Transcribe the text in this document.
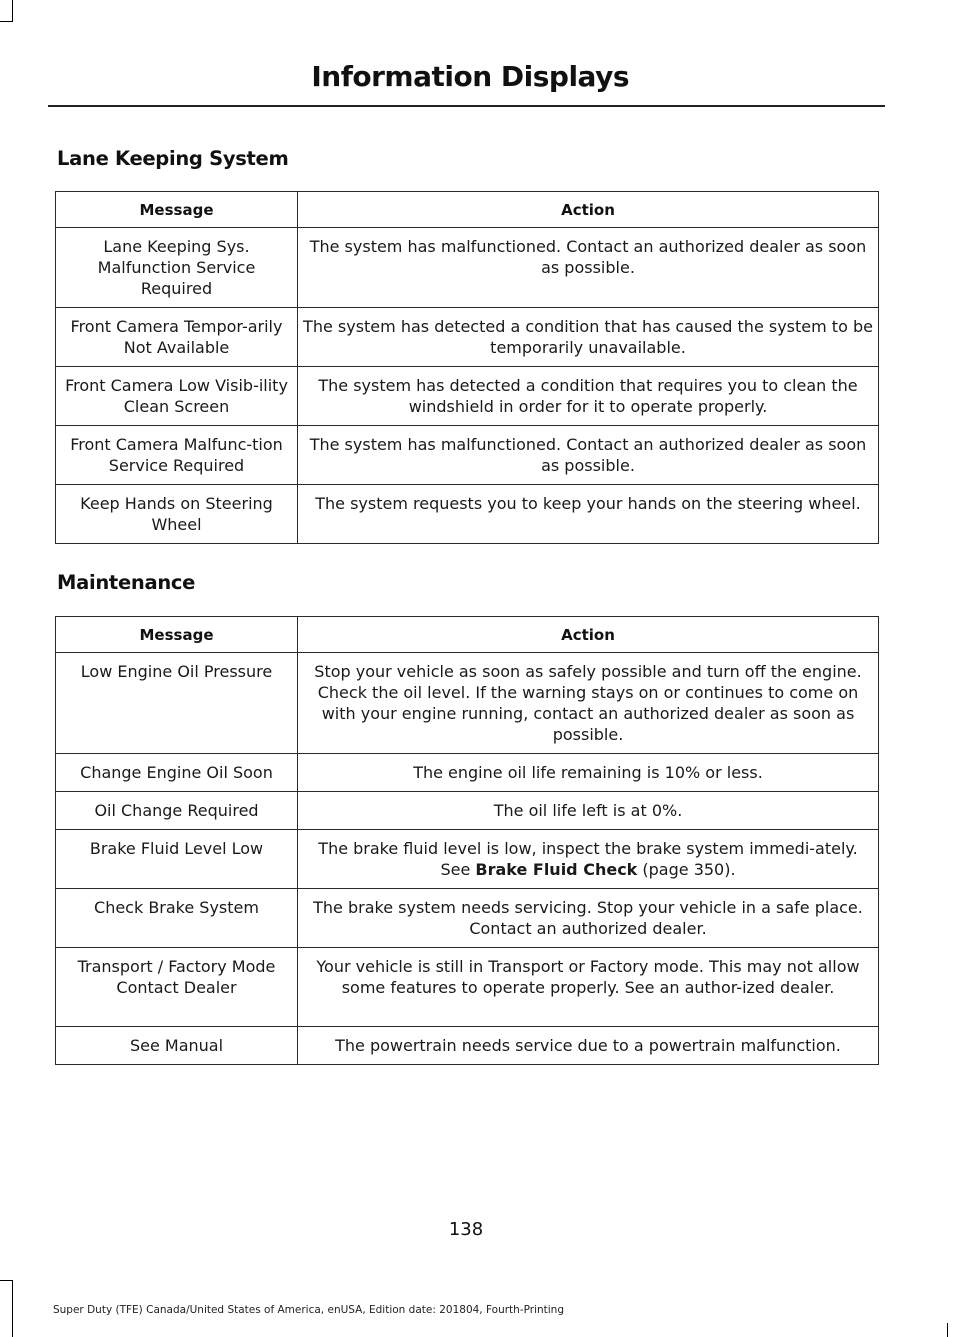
Information Displays
Lane Keeping System
Message	Action
Lane Keeping Sys. Malfunction Service Required	The system has malfunctioned. Contact an authorized dealer as soon as possible.
Front Camera Tempor-arily Not Available	The system has detected a condition that has caused the system to be temporarily unavailable.
Front Camera Low Visib-ility Clean Screen	The system has detected a condition that requires you to clean the windshield in order for it to operate properly.
Front Camera Malfunc-tion Service Required	The system has malfunctioned. Contact an authorized dealer as soon as possible.
Keep Hands on Steering Wheel	The system requests you to keep your hands on the steering wheel.
Maintenance
Message	Action
Low Engine Oil Pressure	Stop your vehicle as soon as safely possible and turn off the engine. Check the oil level. If the warning stays on or continues to come on with your engine running, contact an authorized dealer as soon as possible.
Change Engine Oil Soon	The engine oil life remaining is 10% or less.
Oil Change Required	The oil life left is at 0%.
Brake Fluid Level Low	The brake fluid level is low, inspect the brake system immedi-ately. See Brake Fluid Check (page 350).
Check Brake System	The brake system needs servicing. Stop your vehicle in a safe place. Contact an authorized dealer.
Transport / Factory Mode Contact Dealer	Your vehicle is still in Transport or Factory mode. This may not allow some features to operate properly. See an author-ized dealer.
See Manual	The powertrain needs service due to a powertrain malfunction.
138
Super Duty (TFE) Canada/United States of America, enUSA, Edition date: 201804, Fourth-Printing
